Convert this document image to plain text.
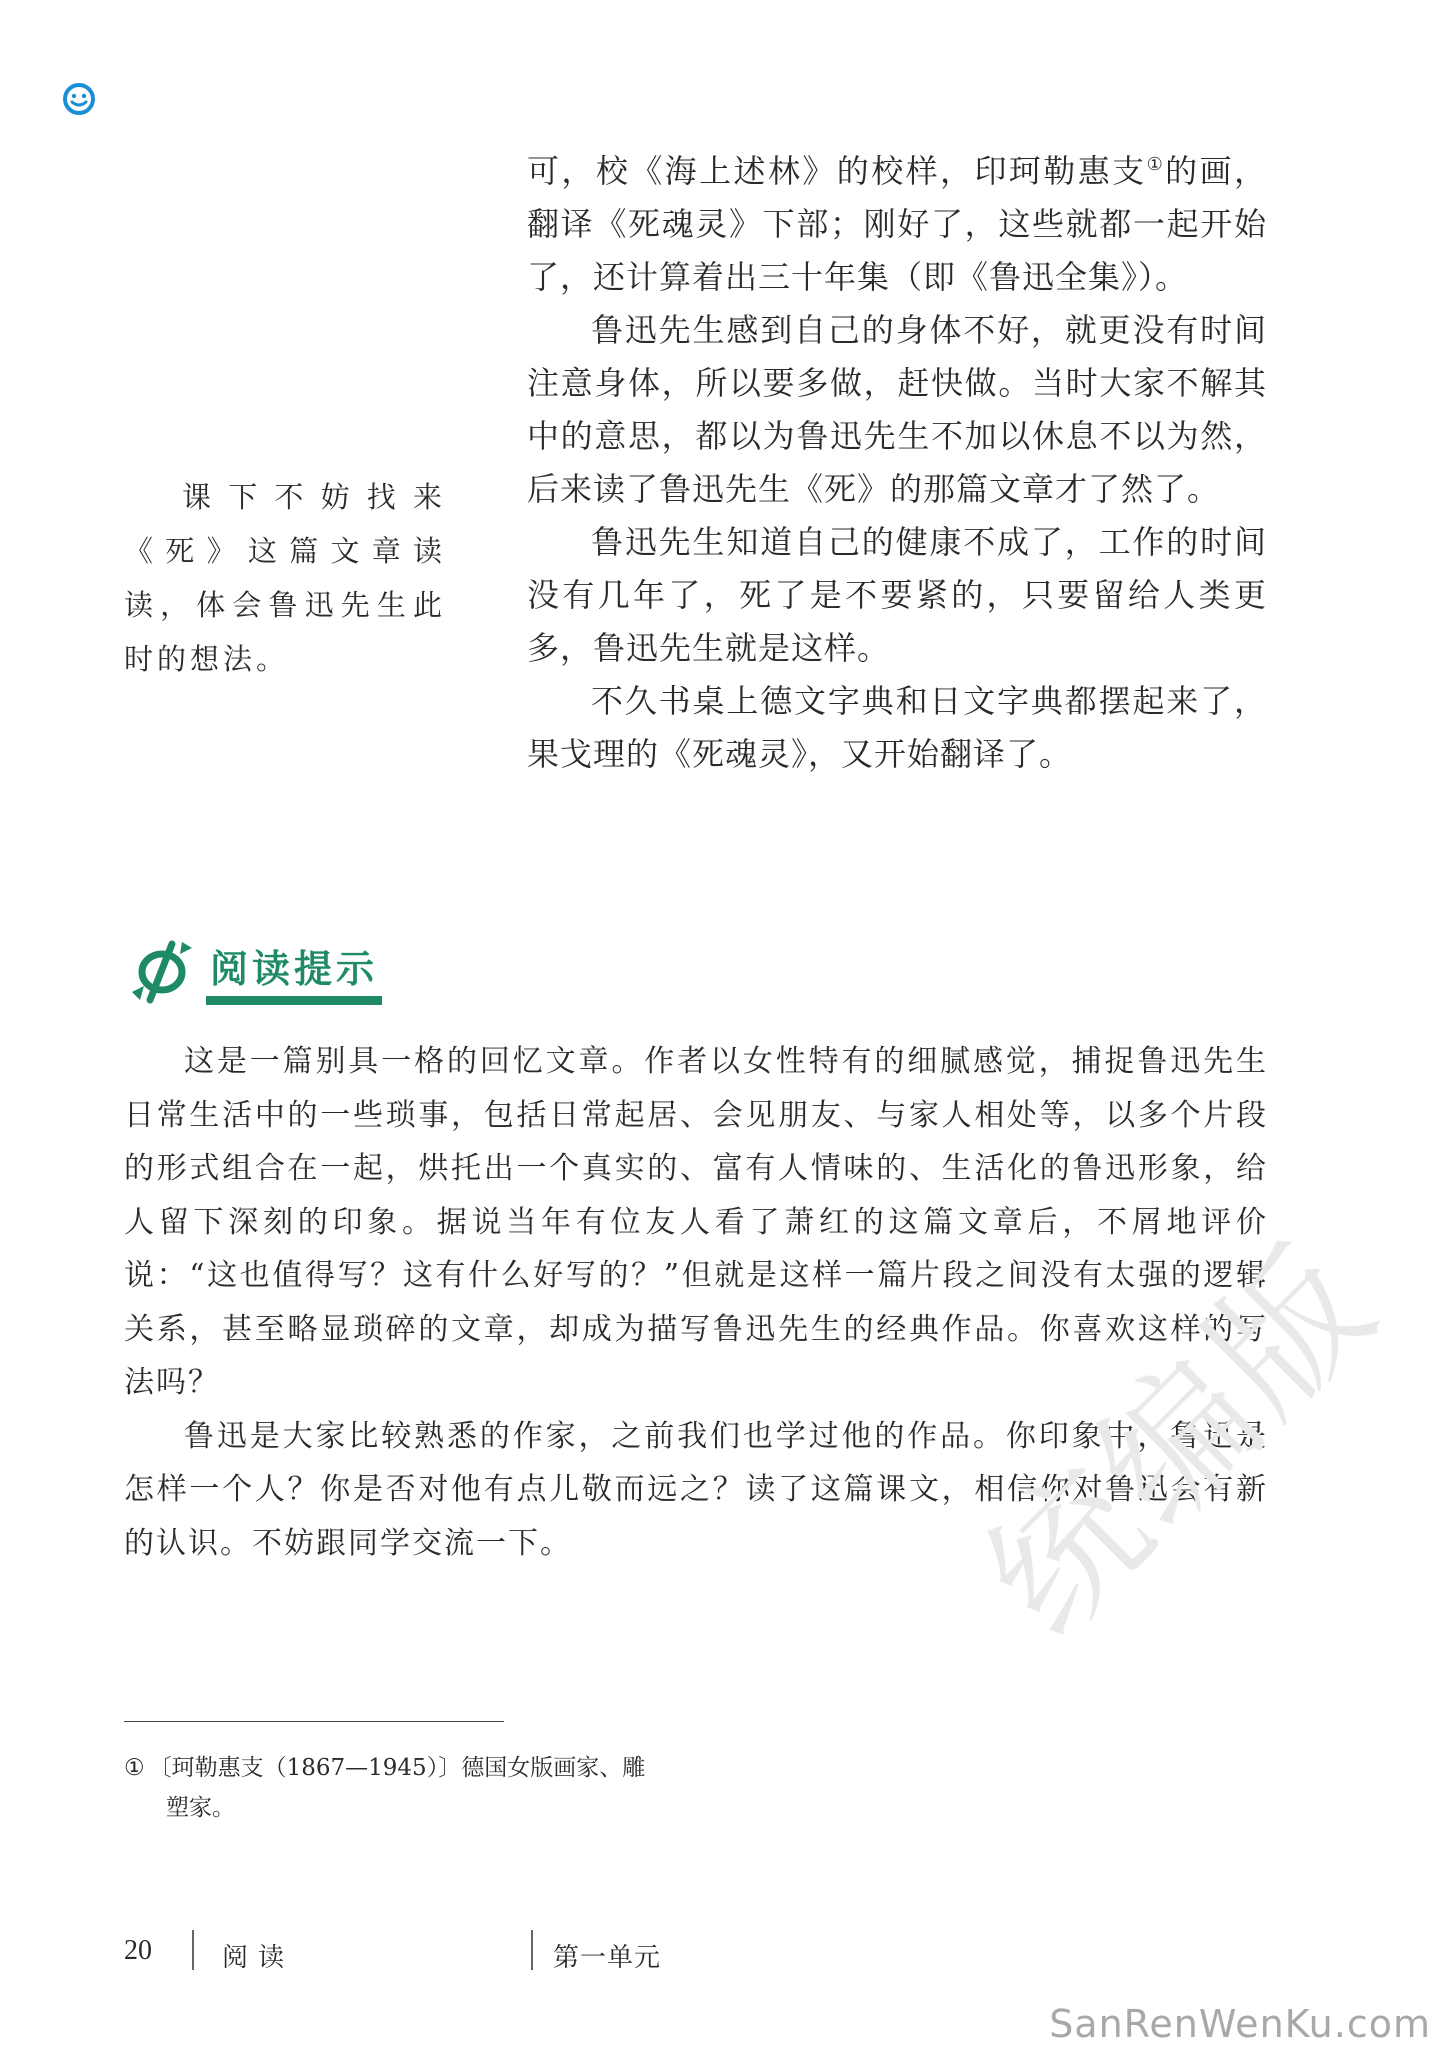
可，校《海上述林》的校样，印珂勒惠支①的画，翻译《死魂灵》下部；刚好了，这些就都一起开始了，还计算着出三十年集（即《鲁迅全集》）。

鲁迅先生感到自己的身体不好，就更没有时间注意身体，所以要多做，赶快做。当时大家不解其中的意思，都以为鲁迅先生不加以休息不以为然，后来读了鲁迅先生《死》的那篇文章才了然了。

鲁迅先生知道自己的健康不成了，工作的时间没有几年了，死了是不要紧的，只要留给人类更多，鲁迅先生就是这样。

不久书桌上德文字典和日文字典都摆起来了，果戈理的《死魂灵》，又开始翻译了。

课下不妨找来《死》这篇文章读读，体会鲁迅先生此时的想法。

阅读提示

这是一篇别具一格的回忆文章。作者以女性特有的细腻感觉，捕捉鲁迅先生日常生活中的一些琐事，包括日常起居、会见朋友、与家人相处等，以多个片段的形式组合在一起，烘托出一个真实的、富有人情味的、生活化的鲁迅形象，给人留下深刻的印象。据说当年有位友人看了萧红的这篇文章后，不屑地评价说：“这也值得写？这有什么好写的？”但就是这样一篇片段之间没有太强的逻辑关系，甚至略显琐碎的文章，却成为描写鲁迅先生的经典作品。你喜欢这样的写法吗？

鲁迅是大家比较熟悉的作家，之前我们也学过他的作品。你印象中，鲁迅是怎样一个人？你是否对他有点儿敬而远之？读了这篇课文，相信你对鲁迅会有新的认识。不妨跟同学交流一下。

① 〔珂勒惠支（1867—1945）〕德国女版画家、雕
塑家。
20	阅读	第一单元
统编版
SanRenWenKu.com
